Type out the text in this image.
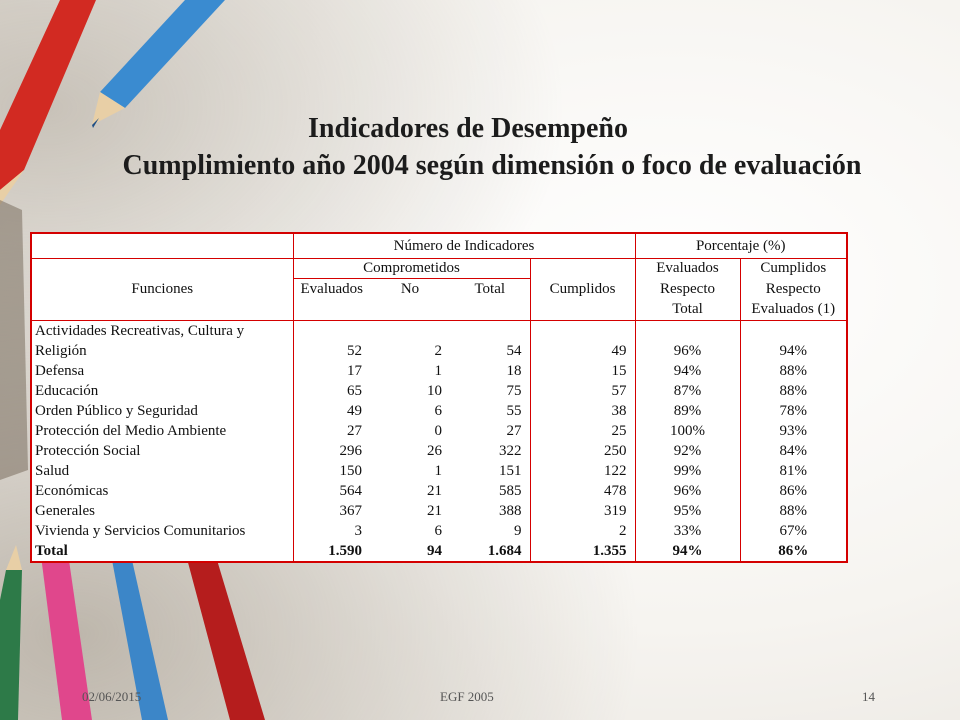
Indicadores de Desempeño
Cumplimiento año 2004 según dimensión o foco de evaluación
	Número de Indicadores				Porcentaje (%)	
	Comprometidos				Evaluados	Cumplidos
Funciones	Evaluados	No	Total	Cumplidos	Respecto	Respecto
					Total	Evaluados (1)
Actividades Recreativas, Cultura y						
Religión	52	2	54	49	96%	94%
Defensa	17	1	18	15	94%	88%
Educación	65	10	75	57	87%	88%
Orden Público y Seguridad	49	6	55	38	89%	78%
Protección del Medio Ambiente	27	0	27	25	100%	93%
Protección Social	296	26	322	250	92%	84%
Salud	150	1	151	122	99%	81%
Económicas	564	21	585	478	96%	86%
Generales	367	21	388	319	95%	88%
Vivienda y Servicios Comunitarios	3	6	9	2	33%	67%
Total	1.590	94	1.684	1.355	94%	86%
02/06/2015	EGF 2005	14
